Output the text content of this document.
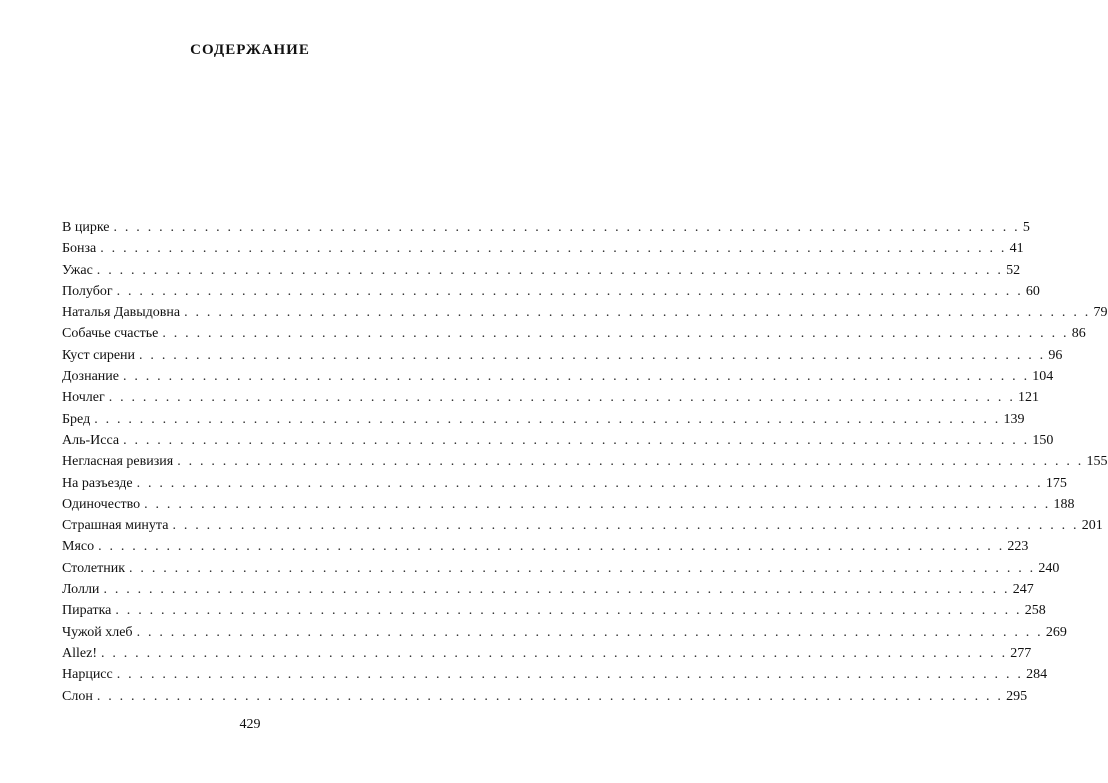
СОДЕРЖАНИЕ
В цирке . . . . . . . . . . . . . . . . . . . . . . . . . . . . . . . . . . . . . . . . . . . . . . . . . . . . . . . . . . . . . . . . . . . . . . . . . . . . . . . . 5
Бонза . . . . . . . . . . . . . . . . . . . . . . . . . . . . . . . . . . . . . . . . . . . . . . . . . . . . . . . . . . . . . . . . . . . . . . . . . . . . . . . . 41
Ужас . . . . . . . . . . . . . . . . . . . . . . . . . . . . . . . . . . . . . . . . . . . . . . . . . . . . . . . . . . . . . . . . . . . . . . . . . . . . . . . . 52
Полубог . . . . . . . . . . . . . . . . . . . . . . . . . . . . . . . . . . . . . . . . . . . . . . . . . . . . . . . . . . . . . . . . . . . . . . . . . . . . . . . . 60
Наталья Давыдовна . . . . . . . . . . . . . . . . . . . . . . . . . . . . . . . . . . . . . . . . . . . . . . . . . . . . . . . . . . . . . . . . . . . . . . . . . . . . . . . . 79
Собачье счастье . . . . . . . . . . . . . . . . . . . . . . . . . . . . . . . . . . . . . . . . . . . . . . . . . . . . . . . . . . . . . . . . . . . . . . . . . . . . . . . . 86
Куст сирени . . . . . . . . . . . . . . . . . . . . . . . . . . . . . . . . . . . . . . . . . . . . . . . . . . . . . . . . . . . . . . . . . . . . . . . . . . . . . . . . 96
Дознание . . . . . . . . . . . . . . . . . . . . . . . . . . . . . . . . . . . . . . . . . . . . . . . . . . . . . . . . . . . . . . . . . . . . . . . . . . . . . . . . 104
Ночлег . . . . . . . . . . . . . . . . . . . . . . . . . . . . . . . . . . . . . . . . . . . . . . . . . . . . . . . . . . . . . . . . . . . . . . . . . . . . . . . . 121
Бред . . . . . . . . . . . . . . . . . . . . . . . . . . . . . . . . . . . . . . . . . . . . . . . . . . . . . . . . . . . . . . . . . . . . . . . . . . . . . . . . 139
Аль-Исса . . . . . . . . . . . . . . . . . . . . . . . . . . . . . . . . . . . . . . . . . . . . . . . . . . . . . . . . . . . . . . . . . . . . . . . . . . . . . . . . 150
Негласная ревизия . . . . . . . . . . . . . . . . . . . . . . . . . . . . . . . . . . . . . . . . . . . . . . . . . . . . . . . . . . . . . . . . . . . . . . . . . . . . . . . . 155
На разъезде . . . . . . . . . . . . . . . . . . . . . . . . . . . . . . . . . . . . . . . . . . . . . . . . . . . . . . . . . . . . . . . . . . . . . . . . . . . . . . . . 175
Одиночество . . . . . . . . . . . . . . . . . . . . . . . . . . . . . . . . . . . . . . . . . . . . . . . . . . . . . . . . . . . . . . . . . . . . . . . . . . . . . . . . 188
Страшная минута . . . . . . . . . . . . . . . . . . . . . . . . . . . . . . . . . . . . . . . . . . . . . . . . . . . . . . . . . . . . . . . . . . . . . . . . . . . . . . . . 201
Мясо . . . . . . . . . . . . . . . . . . . . . . . . . . . . . . . . . . . . . . . . . . . . . . . . . . . . . . . . . . . . . . . . . . . . . . . . . . . . . . . . 223
Столетник . . . . . . . . . . . . . . . . . . . . . . . . . . . . . . . . . . . . . . . . . . . . . . . . . . . . . . . . . . . . . . . . . . . . . . . . . . . . . . . . 240
Лолли . . . . . . . . . . . . . . . . . . . . . . . . . . . . . . . . . . . . . . . . . . . . . . . . . . . . . . . . . . . . . . . . . . . . . . . . . . . . . . . . 247
Пиратка . . . . . . . . . . . . . . . . . . . . . . . . . . . . . . . . . . . . . . . . . . . . . . . . . . . . . . . . . . . . . . . . . . . . . . . . . . . . . . . . 258
Чужой хлеб . . . . . . . . . . . . . . . . . . . . . . . . . . . . . . . . . . . . . . . . . . . . . . . . . . . . . . . . . . . . . . . . . . . . . . . . . . . . . . . . 269
Allez! . . . . . . . . . . . . . . . . . . . . . . . . . . . . . . . . . . . . . . . . . . . . . . . . . . . . . . . . . . . . . . . . . . . . . . . . . . . . . . . . 277
Нарцисс . . . . . . . . . . . . . . . . . . . . . . . . . . . . . . . . . . . . . . . . . . . . . . . . . . . . . . . . . . . . . . . . . . . . . . . . . . . . . . . . 284
Слон . . . . . . . . . . . . . . . . . . . . . . . . . . . . . . . . . . . . . . . . . . . . . . . . . . . . . . . . . . . . . . . . . . . . . . . . . . . . . . . . 295
429
